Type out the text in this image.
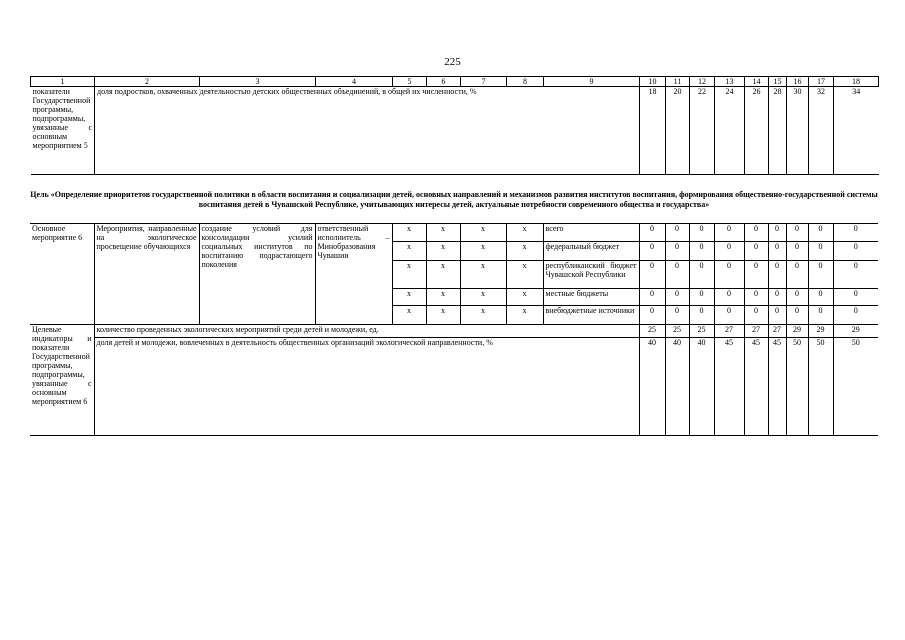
225
1	2	3	4	5	6	7	8	9	10	11	12	13	14	15	16	17	18
показатели Государственной программы, подпрограммы, увязанные с основным мероприятием 5	доля подростков, охваченных деятельностью детских общественных объединений, в общей их численности, %								18	20	22	24	26	28	30	32	34
Цель «Определение приоритетов государственной политики в области воспитания и социализации детей, основных направлений и механизмов развития институтов воспитания, формирования общественно-государственной системы воспитания детей в Чувашской Республике, учитывающих интересы детей, актуальные потребности современного общества и государства»
Основное мероприятие 6	Мероприятия, направленные на экологическое просвещение обучающихся	создание условий для консолидации усилий социальных институтов по воспитанию подрастающего поколения	ответственный исполнитель – Минобразования Чувашии	x	x	x	x	всего	0	0	0	0	0	0	0	0	0
				x	x	x	x	федеральный бюджет	0	0	0	0	0	0	0	0	0
				x	x	x	x	республиканский бюджет Чувашской Республики	0	0	0	0	0	0	0	0	0
				x	x	x	x	местные бюджеты	0	0	0	0	0	0	0	0	0
				x	x	x	x	внебюджетные источники	0	0	0	0	0	0	0	0	0
Целевые индикаторы и показатели Государственной программы, подпрограммы, увязанные с основным мероприятием 6	количество проведенных экологических мероприятий среди детей и молодежи, ед.								25	25	25	27	27	27	29	29	29
	доля детей и молодежи, вовлеченных в деятельность общественных организаций экологической направленности, %								40	40	40	45	45	45	50	50	50
